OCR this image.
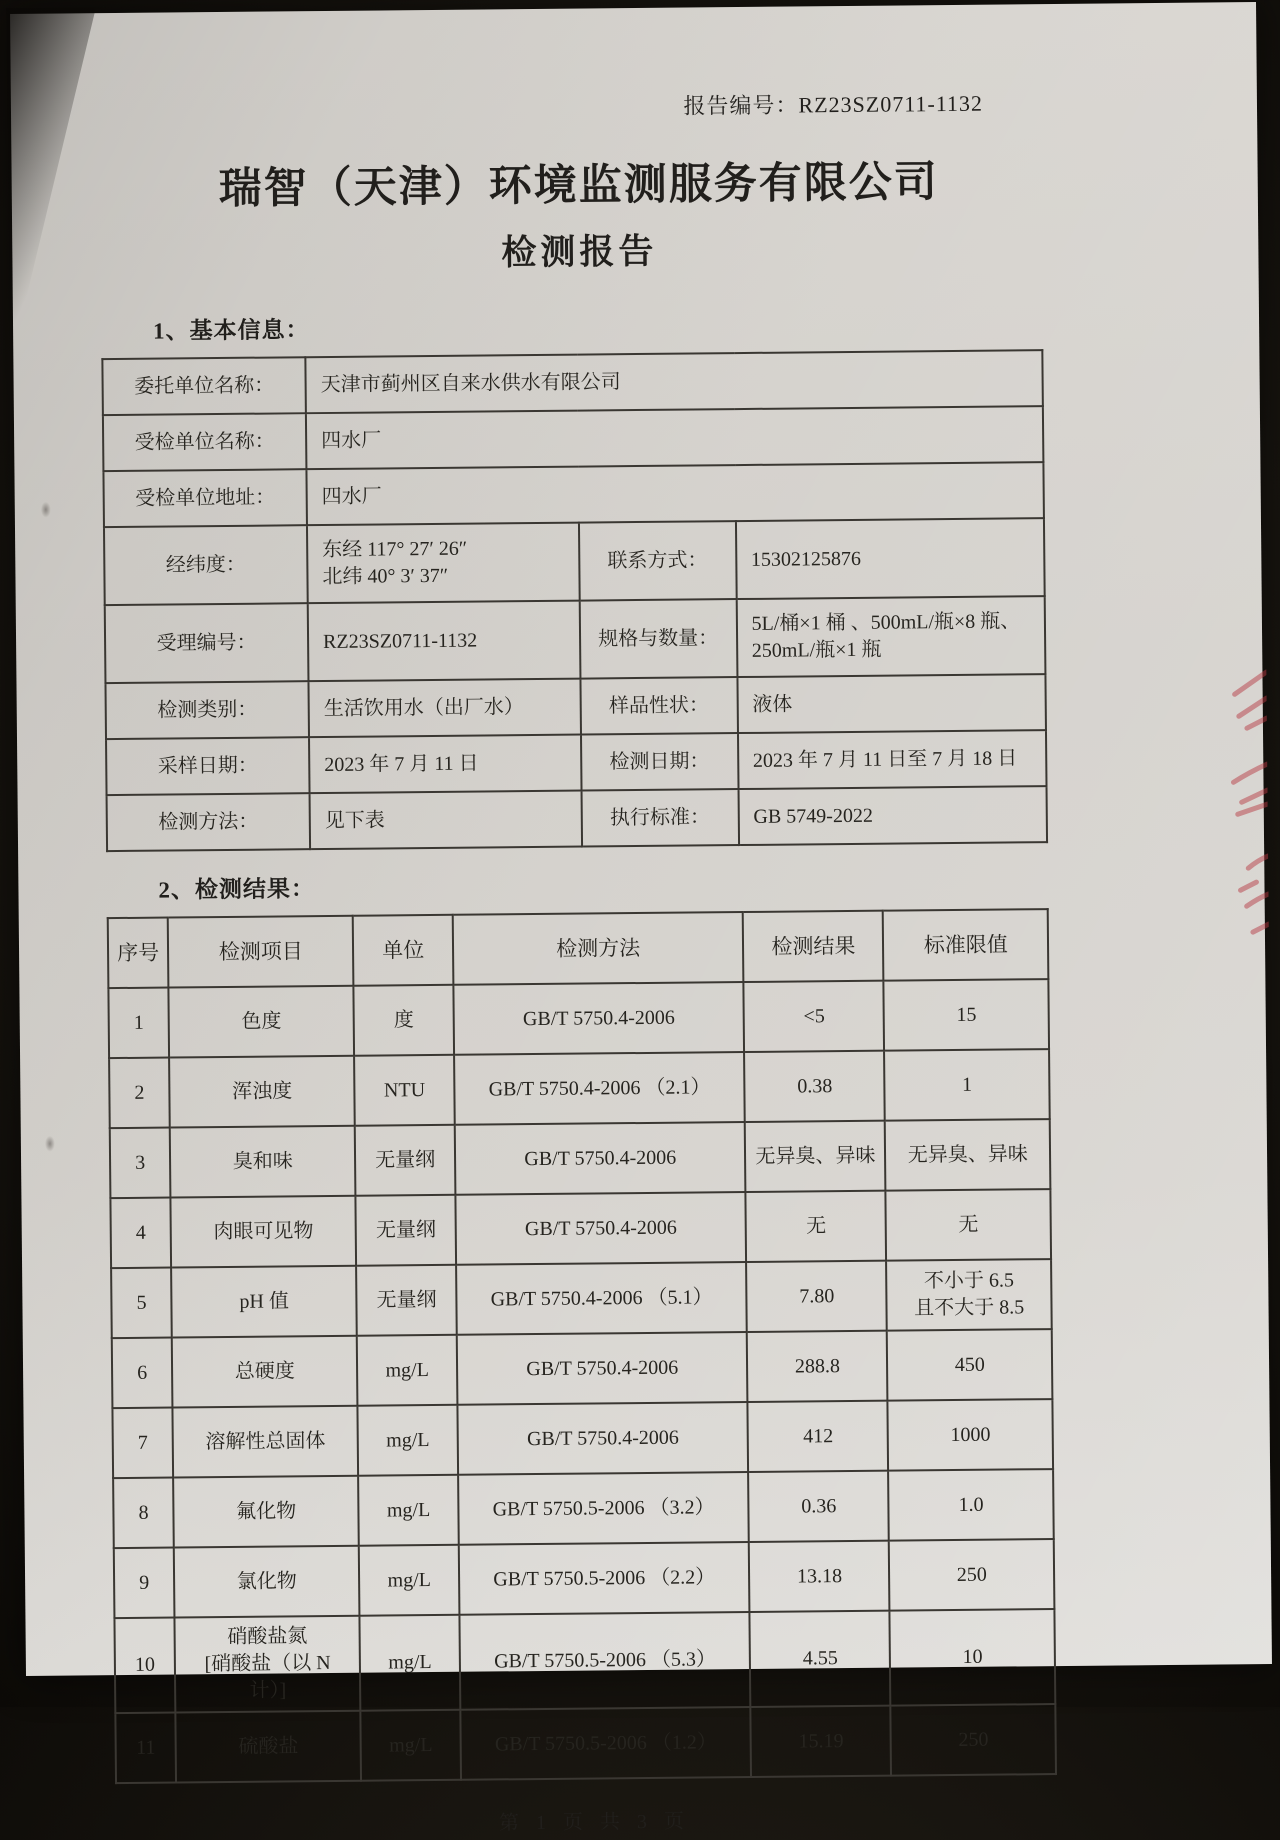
报告编号：RZ23SZ0711-1132
瑞智（天津）环境监测服务有限公司
检测报告
1、基本信息：
委托单位名称：	天津市蓟州区自来水供水有限公司		
受检单位名称：	四水厂		
受检单位地址：	四水厂		
经纬度：	东经 117° 27′ 26″
北纬 40° 3′ 37″	联系方式：	15302125876
受理编号：	RZ23SZ0711-1132	规格与数量：	5L/桶×1 桶 、500mL/瓶×8 瓶、250mL/瓶×1 瓶
检测类别：	生活饮用水（出厂水）	样品性状：	液体
采样日期：	2023 年 7 月 11 日	检测日期：	2023 年 7 月 11 日至 7 月 18 日
检测方法：	见下表	执行标准：	GB 5749-2022
2、检测结果：
序号	检测项目	单位	检测方法	检测结果	标准限值
1	色度	度	GB/T 5750.4-2006	<5	15
2	浑浊度	NTU	GB/T 5750.4-2006 （2.1）	0.38	1
3	臭和味	无量纲	GB/T 5750.4-2006	无异臭、异味	无异臭、异味
4	肉眼可见物	无量纲	GB/T 5750.4-2006	无	无
5	pH 值	无量纲	GB/T 5750.4-2006 （5.1）	7.80	不小于 6.5
且不大于 8.5
6	总硬度	mg/L	GB/T 5750.4-2006	288.8	450
7	溶解性总固体	mg/L	GB/T 5750.4-2006	412	1000
8	氟化物	mg/L	GB/T 5750.5-2006 （3.2）	0.36	1.0
9	氯化物	mg/L	GB/T 5750.5-2006 （2.2）	13.18	250
10	硝酸盐氮
[硝酸盐（以 N 计）]	mg/L	GB/T 5750.5-2006 （5.3）	4.55	10
11	硫酸盐	mg/L	GB/T 5750.5-2006 （1.2）	15.19	250
第 1 页 共 3 页
